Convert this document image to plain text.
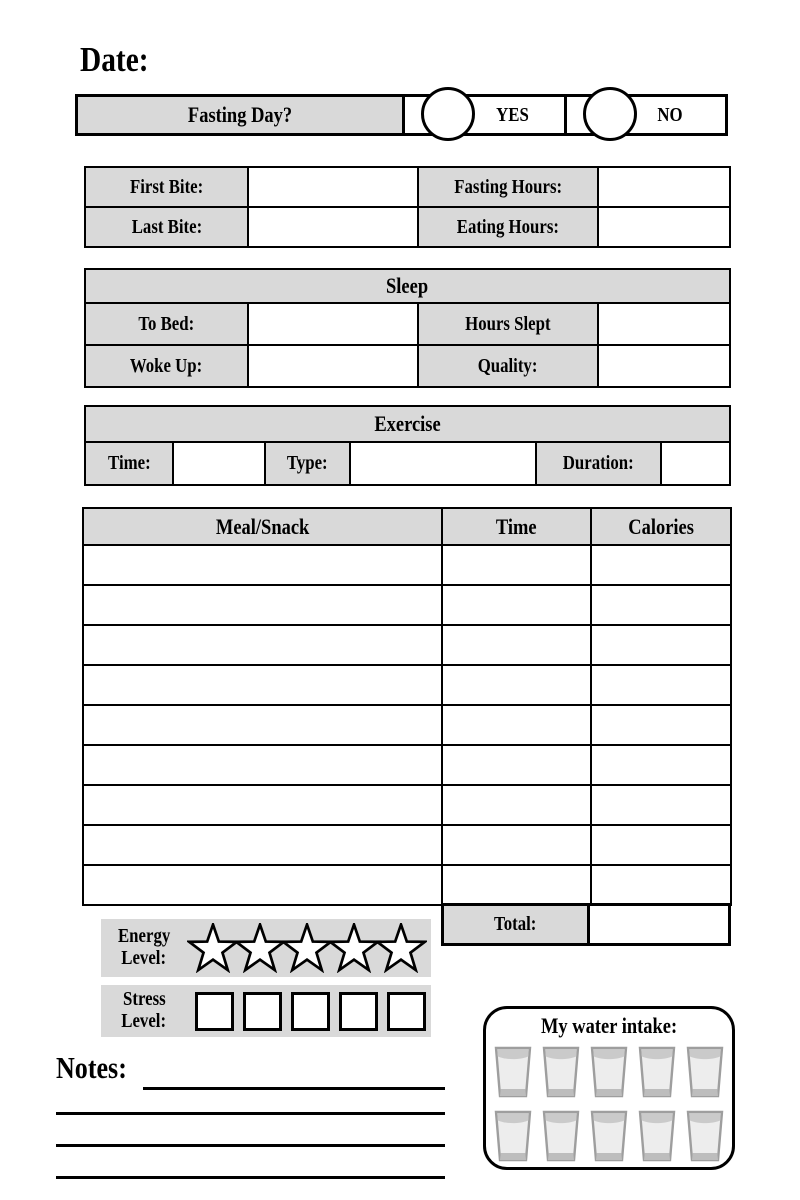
Date:
Fasting Day?	YES	NO
First Bite:		Fasting Hours:	
Last Bite:		Eating Hours:	
Sleep			
To Bed:		Hours Slept	
Woke Up:		Quality:	
Exercise
Time:		Type:		Duration:	
Meal/Snack	Time	Calories

Total:
Energy
Level:
Stress
Level:	My water intake:
Notes:
